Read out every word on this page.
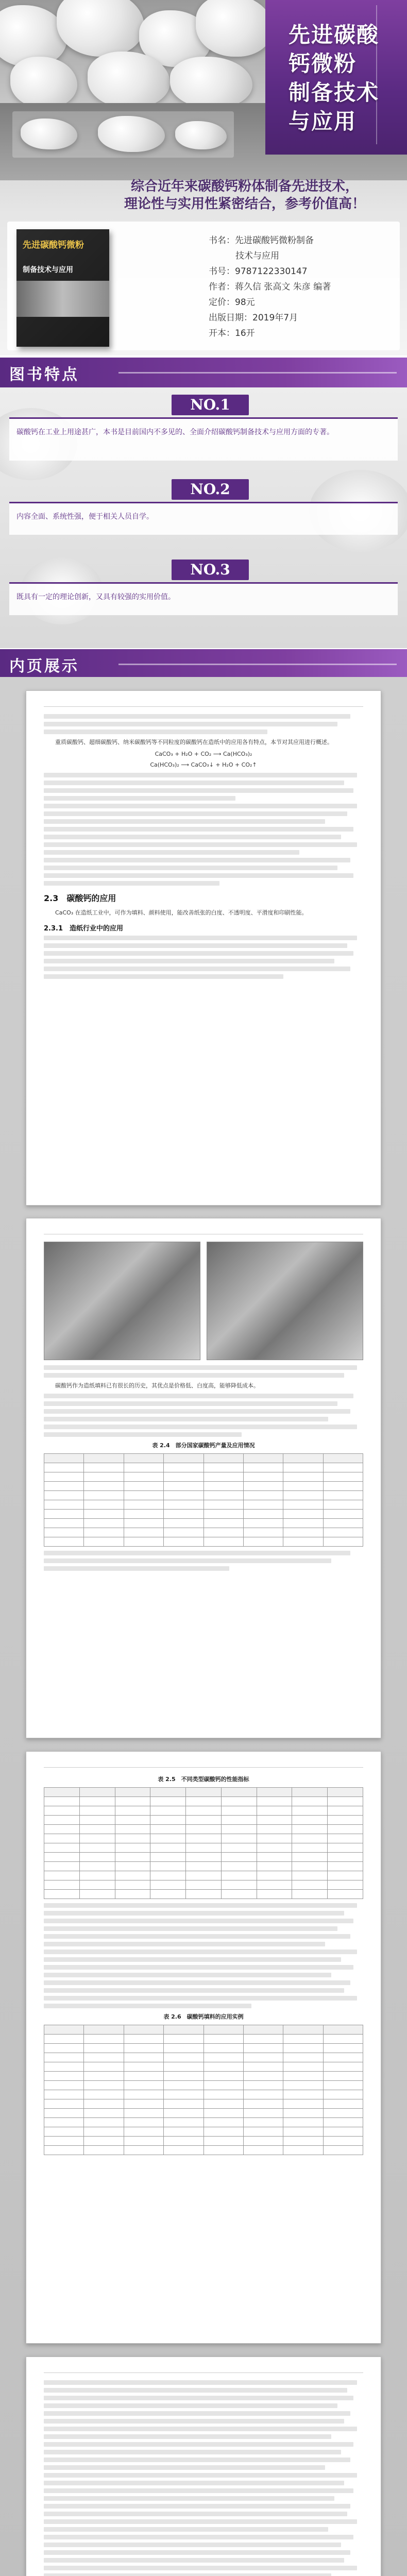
先进碳酸钙微粉
制备技术与应用
综合近年来碳酸钙粉体制备先进技术，
理论性与实用性紧密结合，参考价值高！
先进碳酸钙微粉
制备技术与应用
书名：先进碳酸钙微粉制备
技术与应用
书号：9787122330147
作者：蒋久信 张高文 朱彦 编著
定价：98元
出版日期：2019年7月
开本：16开
图书特点
NO.1
碳酸钙在工业上用途甚广，本书是目前国内不多见的、全面介绍碳酸钙制备技术与应用方面的专著。
NO.2
内容全面、系统性强，便于相关人员自学。
NO.3
既具有一定的理论创新，又具有较强的实用价值。
内页展示

重质碳酸钙、超细碳酸钙、纳米碳酸钙等不同粒度的碳酸钙在造纸中的应用各有特点，本节对其应用进行概述。

CaCO₃ + H₂O + CO₂ ⟶ Ca(HCO₃)₂
Ca(HCO₃)₂ ⟶ CaCO₃↓ + H₂O + CO₂↑
2.3　碳酸钙的应用

CaCO₃ 在造纸工业中，可作为填料、颜料使用，能改善纸张的白度、不透明度、平滑度和印刷性能。

2.3.1　造纸行业中的应用

碳酸钙作为造纸填料已有很长的历史，其优点是价格低、白度高，能够降低成本。

表 2.4　部分国家碳酸钙产量及应用情况

表 2.5　不同类型碳酸钙的性能指标

表 2.6　碳酸钙填料的应用实例
